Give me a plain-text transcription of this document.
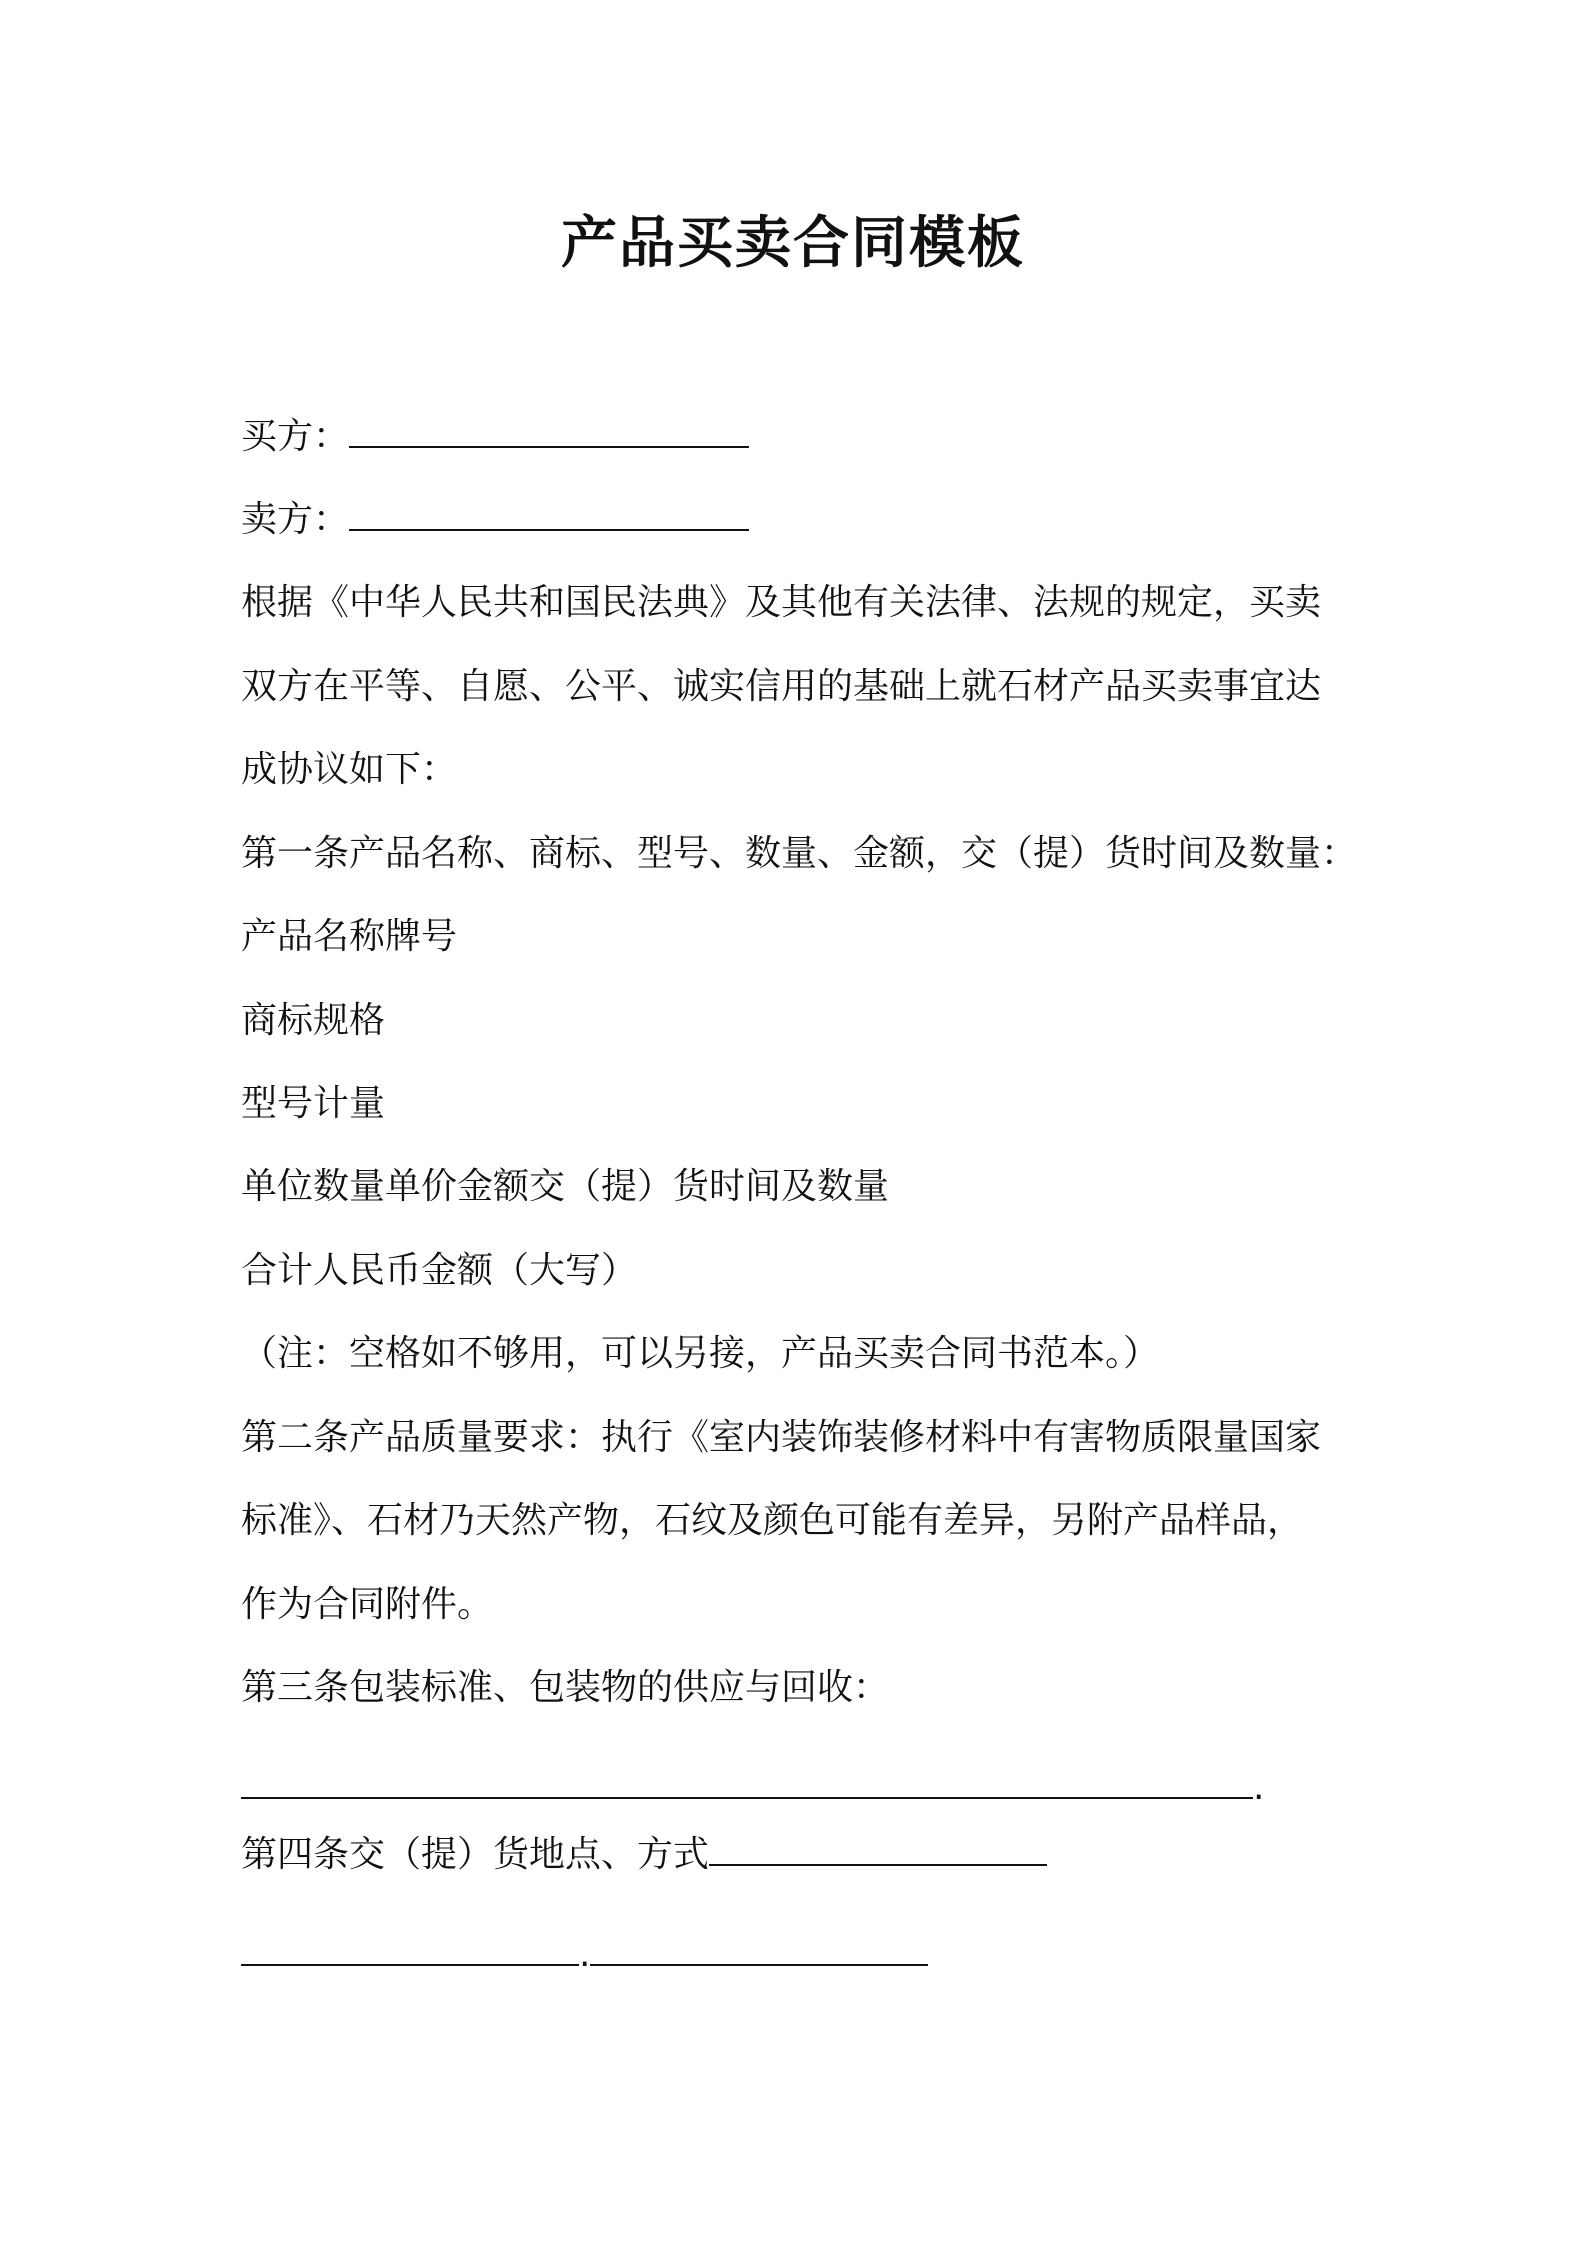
产品买卖合同模板
买方：
卖方：
根据《中华人民共和国民法典》及其他有关法律、法规的规定，买卖
双方在平等、自愿、公平、诚实信用的基础上就石材产品买卖事宜达
成协议如下：
第一条产品名称、商标、型号、数量、金额，交（提）货时间及数量：
产品名称牌号
商标规格
型号计量
单位数量单价金额交（提）货时间及数量
合计人民币金额（大写）
（注：空格如不够用，可以另接，产品买卖合同书范本。）
第二条产品质量要求：执行《室内装饰装修材料中有害物质限量国家
标准》、石材乃天然产物，石纹及颜色可能有差异，另附产品样品，
作为合同附件。
第三条包装标准、包装物的供应与回收：
.
第四条交（提）货地点、方式
.
